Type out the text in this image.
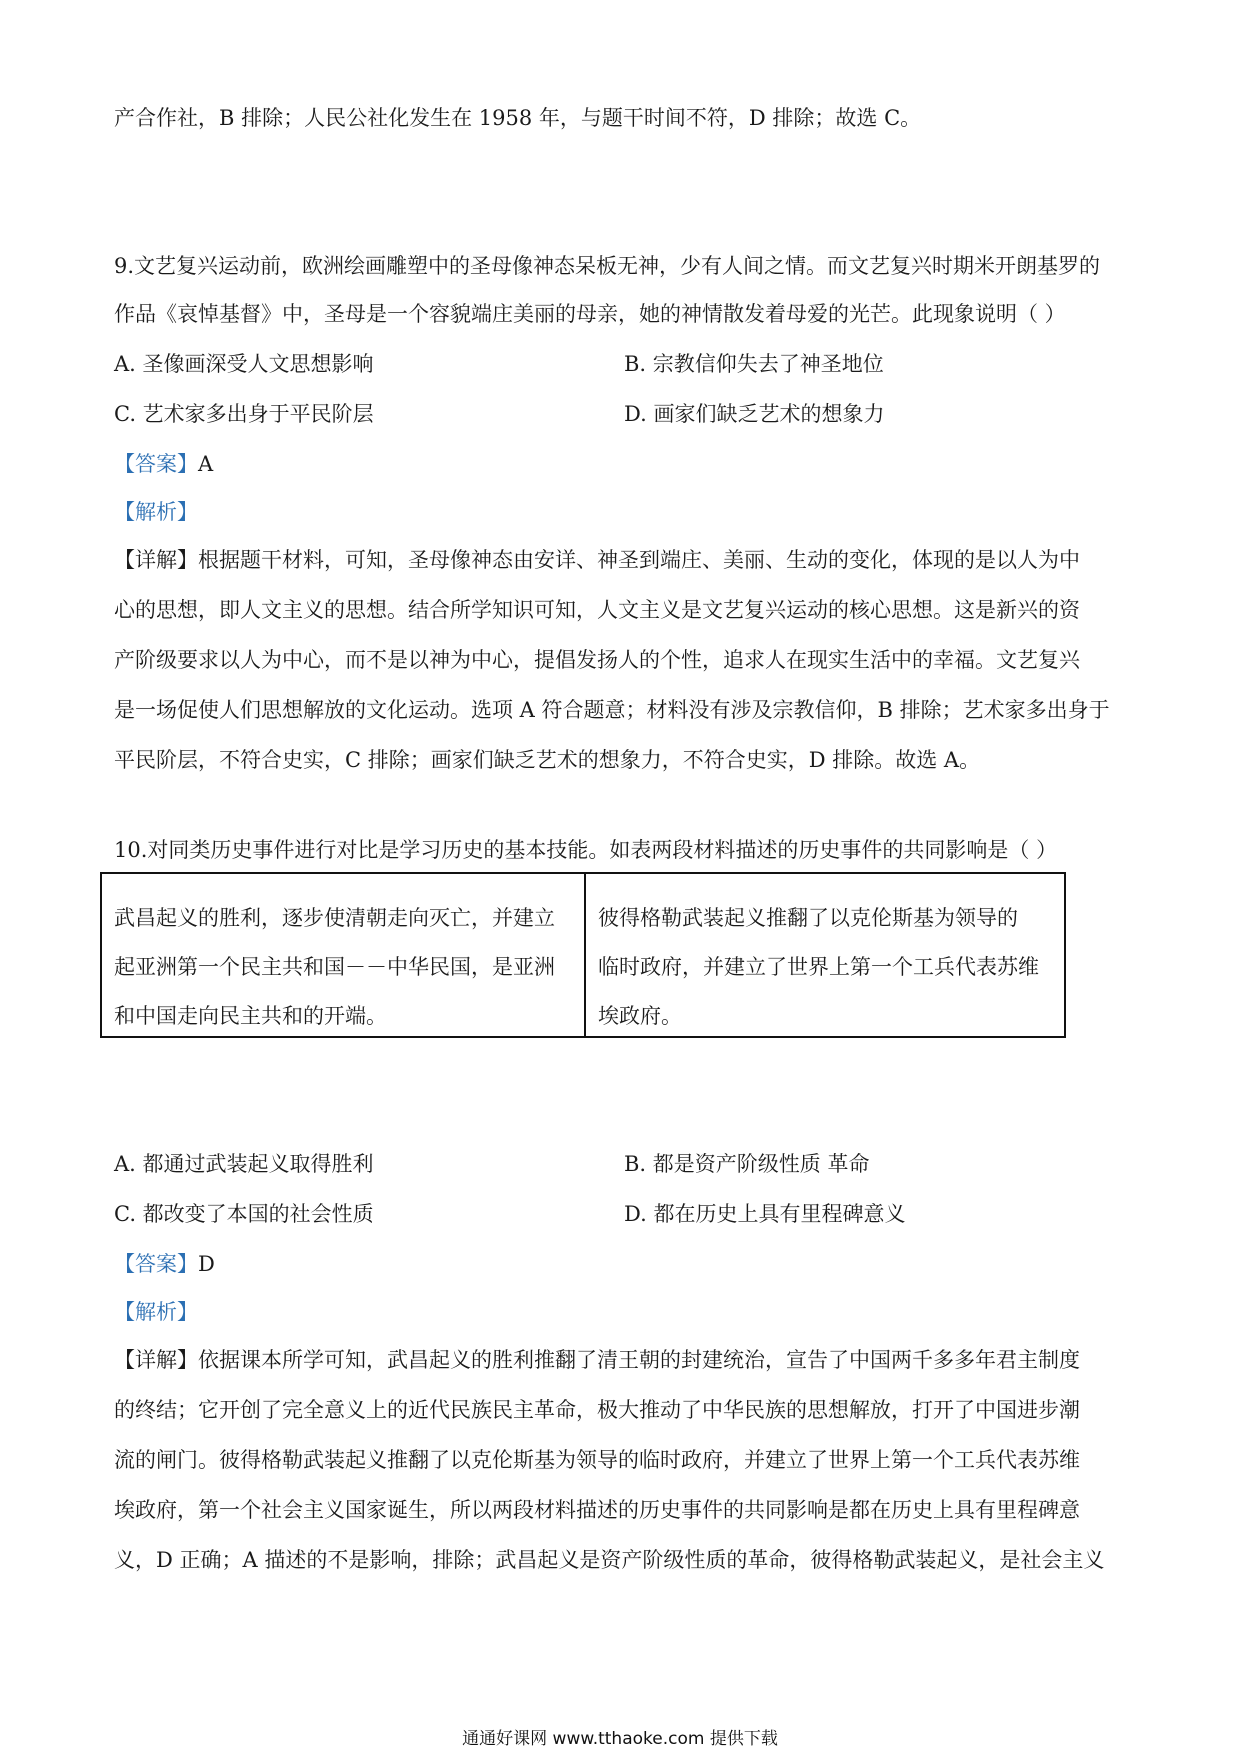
产合作社，B 排除；人民公社化发生在 1958 年，与题干时间不符，D 排除；故选 C。
9.文艺复兴运动前，欧洲绘画雕塑中的圣母像神态呆板无神，少有人间之情。而文艺复兴时期米开朗基罗的
作品《哀悼基督》中，圣母是一个容貌端庄美丽的母亲，她的神情散发着母爱的光芒。此现象说明（ ）
A. 圣像画深受人文思想影响	B. 宗教信仰失去了神圣地位
C. 艺术家多出身于平民阶层	D. 画家们缺乏艺术的想象力
【答案】A
【解析】
【详解】根据题干材料，可知，圣母像神态由安详、神圣到端庄、美丽、生动的变化，体现的是以人为中
心的思想，即人文主义的思想。结合所学知识可知，人文主义是文艺复兴运动的核心思想。这是新兴的资
产阶级要求以人为中心，而不是以神为中心，提倡发扬人的个性，追求人在现实生活中的幸福。文艺复兴
是一场促使人们思想解放的文化运动。选项 A 符合题意；材料没有涉及宗教信仰，B 排除；艺术家多出身于
平民阶层，不符合史实，C 排除；画家们缺乏艺术的想象力，不符合史实，D 排除。故选 A。
10.对同类历史事件进行对比是学习历史的基本技能。如表两段材料描述的历史事件的共同影响是（ ）
武昌起义的胜利，逐步使清朝走向灭亡，并建立
起亚洲第一个民主共和国－－中华民国，是亚洲
和中国走向民主共和的开端。
彼得格勒武装起义推翻了以克伦斯基为领导的
临时政府，并建立了世界上第一个工兵代表苏维
埃政府。
A. 都通过武装起义取得胜利	B. 都是资产阶级性质 革命
C. 都改变了本国的社会性质	D. 都在历史上具有里程碑意义
【答案】D
【解析】
【详解】依据课本所学可知，武昌起义的胜利推翻了清王朝的封建统治，宣告了中国两千多多年君主制度
的终结；它开创了完全意义上的近代民族民主革命，极大推动了中华民族的思想解放，打开了中国进步潮
流的闸门。彼得格勒武装起义推翻了以克伦斯基为领导的临时政府，并建立了世界上第一个工兵代表苏维
埃政府，第一个社会主义国家诞生，所以两段材料描述的历史事件的共同影响是都在历史上具有里程碑意
义，D 正确；A 描述的不是影响，排除；武昌起义是资产阶级性质的革命，彼得格勒武装起义，是社会主义
通通好课网 www.tthaoke.com 提供下载
